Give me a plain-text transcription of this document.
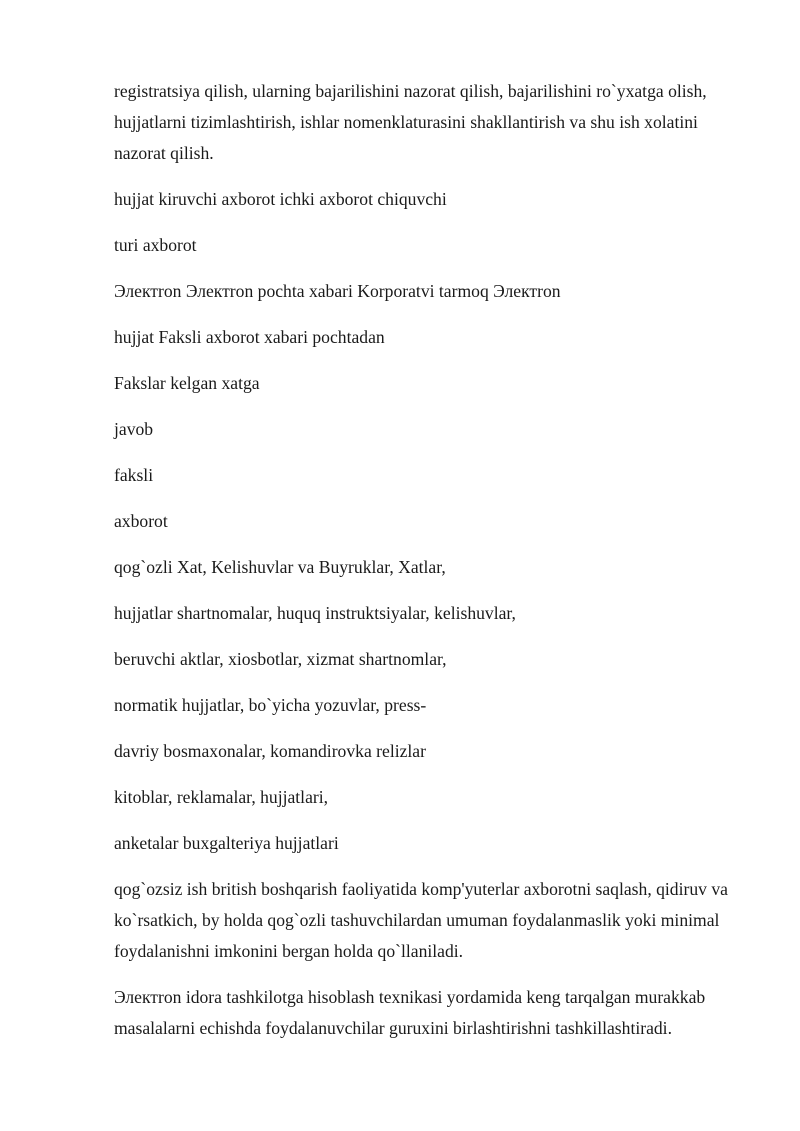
registratsiya qilish, ularning bajarilishini nazorat qilish, bajarilishini ro`yxatga olish, hujjatlarni tizimlashtirish, ishlar nomenklaturasini shakllantirish va shu ish xolatini nazorat qilish.

hujjat kiruvchi axborot ichki axborot chiquvchi

turi axborot

Электron Электron pochta xabari Korporatvi tarmoq Электron

hujjat Faksli axborot xabari pochtadan

Fakslar kelgan xatga

javob

faksli

axborot

qog`ozli Xat, Kelishuvlar va Buyruklar, Xatlar,

hujjatlar shartnomalar, huquq instruktsiyalar, kelishuvlar,

beruvchi aktlar, xiosbotlar, xizmat shartnomlar,

normatik hujjatlar, bo`yicha yozuvlar, press-

davriy bosmaxonalar, komandirovka relizlar

kitoblar, reklamalar, hujjatlari,

anketalar buxgalteriya hujjatlari

qog`ozsiz ish british boshqarish faoliyatida komp'yuterlar axborotni saqlash, qidiruv va ko`rsatkich, by holda qog`ozli tashuvchilardan umuman foydalanmaslik yoki minimal foydalanishni imkonini bergan holda qo`llaniladi.

Электron idora tashkilotga hisoblash texnikasi yordamida keng tarqalgan murakkab masalalarni echishda foydalanuvchilar guruxini birlashtirishni tashkillashtiradi.
